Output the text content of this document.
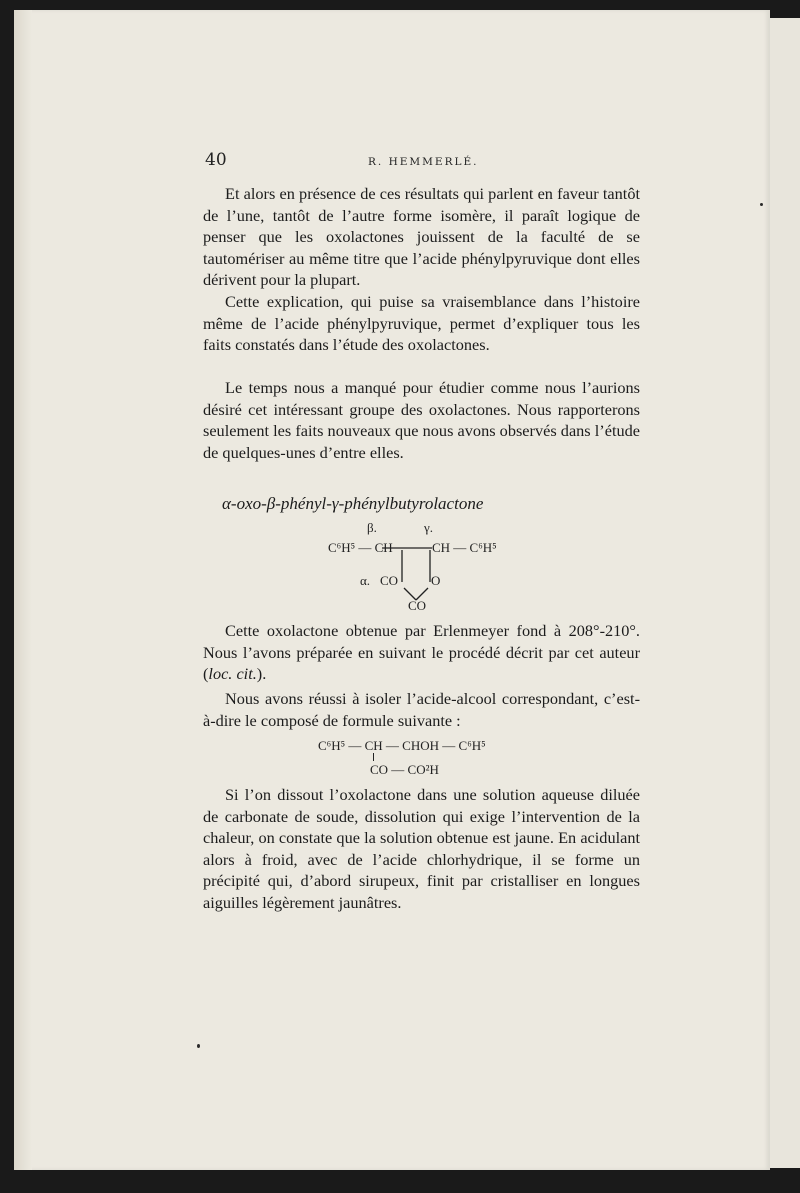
40	R. HEMMERLÉ.

Et alors en présence de ces résultats qui parlent en faveur tantôt de l’une, tantôt de l’autre forme isomère, il paraît logique de penser que les oxolactones jouissent de la faculté de se tautomériser au même titre que l’acide phénylpyruvique dont elles dérivent pour la plupart.

Cette explication, qui puise sa vraisemblance dans l’histoire même de l’acide phénylpyruvique, permet d’expliquer tous les faits constatés dans l’étude des oxolactones.

Le temps nous a manqué pour étudier comme nous l’aurions désiré cet intéressant groupe des oxolactones. Nous rapporterons seulement les faits nouveaux que nous avons observés dans l’étude de quelques-unes d’entre elles.

α-oxo-β-phényl-γ-phénylbutyrolactone
β.	γ.
C⁶H⁵ — CH	CH — C⁶H⁵
α. CO	O
CO

Cette oxolactone obtenue par Erlenmeyer fond à 208°-210°. Nous l’avons préparée en suivant le procédé décrit par cet auteur (loc. cit.).

Nous avons réussi à isoler l’acide-alcool correspondant, c’est-à-dire le composé de formule suivante :

C⁶H⁵ — CH — CHOH — C⁶H⁵
CO — CO²H

Si l’on dissout l’oxolactone dans une solution aqueuse diluée de carbonate de soude, dissolution qui exige l’intervention de la chaleur, on constate que la solution obtenue est jaune. En acidulant alors à froid, avec de l’acide chlorhydrique, il se forme un précipité qui, d’abord sirupeux, finit par cristalliser en longues aiguilles légèrement jaunâtres.
